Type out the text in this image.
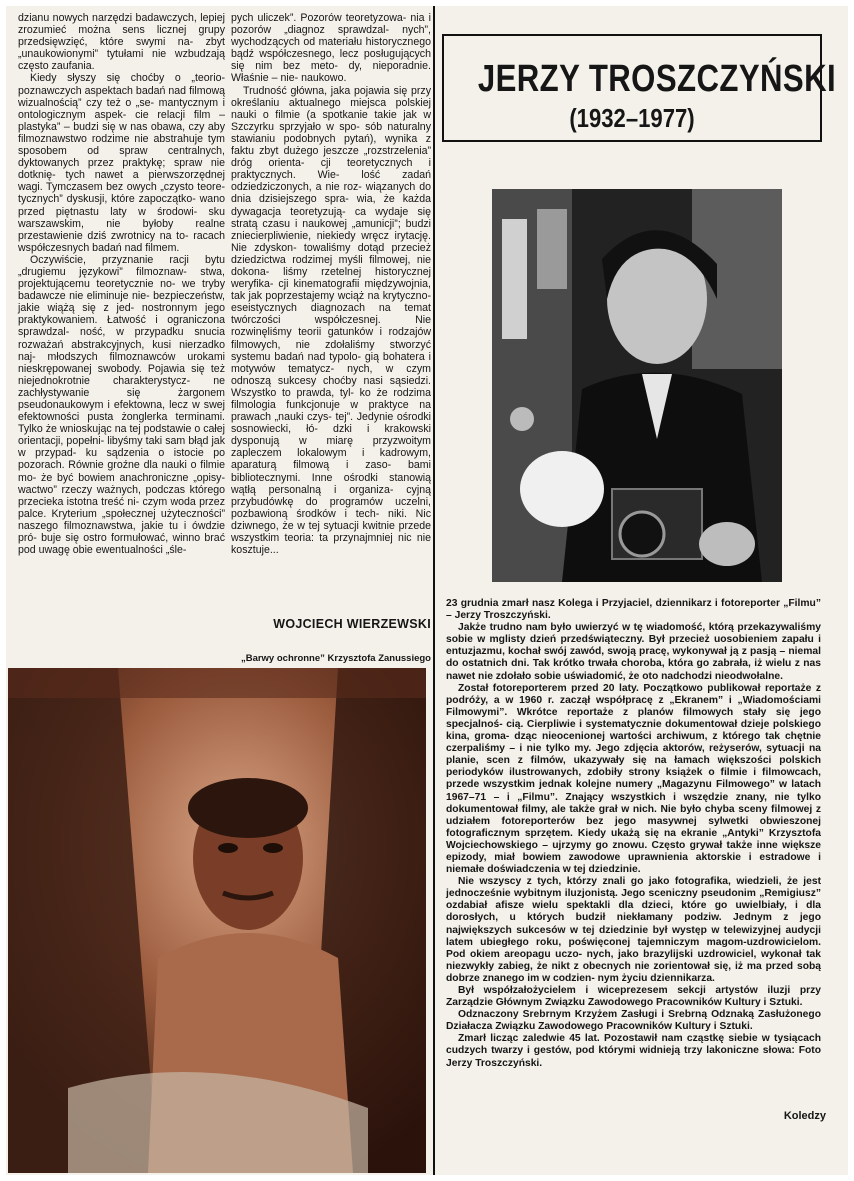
dzianu nowych narzędzi badawczych, lepiej zrozumieć można sens licznej grupy przedsięwzięć, które swymi na- zbyt „unaukowionymi” tytułami nie wzbudzają często zaufania.

Kiedy słyszy się choćby o „teorio- poznawczych aspektach badań nad filmową wizualnością” czy też o „se- mantycznym i ontologicznym aspek- cie relacji film – plastyka” – budzi się w nas obawa, czy aby filmoznawstwo rodzime nie abstrahuje tym sposobem od spraw centralnych, dyktowanych przez praktykę; spraw nie dotknię- tych nawet a pierwszorzędnej wagi. Tymczasem bez owych „czysto teore- tycznych” dyskusji, które zapoczątko- wano przed piętnastu laty w środowi- sku warszawskim, nie byłoby realne przestawienie dziś zwrotnicy na to- racach współczesnych badań nad filmem.

Oczywiście, przyznanie racji bytu „drugiemu językowi” filmoznaw- stwa, projektującemu teoretycznie no- we tryby badawcze nie eliminuje nie- bezpieczeństw, jakie wiążą się z jed- nostronnym jego praktykowaniem. Łatwość i ograniczona sprawdzal- ność, w przypadku snucia rozważań abstrakcyjnych, kusi nierzadko naj- młodszych filmoznawców urokami nieskrępowanej swobody. Pojawia się też niejednokrotnie charakterystycz- ne zachłystywanie się żargonem pseudonaukowym i efektowna, lecz w swej efektowności pusta żonglerka terminami. Tylko że wnioskując na tej podstawie o całej orientacji, popełni- libyśmy taki sam błąd jak w przypad- ku sądzenia o istocie po pozorach. Równie groźne dla nauki o filmie mo- że być bowiem anachroniczne „opisy- wactwo” rzeczy ważnych, podczas którego przecieka istotna treść ni- czym woda przez palce. Kryterium „społecznej użyteczności” naszego filmoznawstwa, jakie tu i ówdzie pró- buje się ostro formułować, winno brać pod uwagę obie ewentualności „śle-

pych uliczek”. Pozorów teoretyzowa- nia i pozorów „diagnoz sprawdzal- nych”, wychodzących od materiału historycznego bądź współczesnego, lecz posługujących się nim bez meto- dy, nieporadnie. Właśnie – nie- naukowo.

Trudność główna, jaka pojawia się przy określaniu aktualnego miejsca polskiej nauki o filmie (a spotkanie takie jak w Szczyrku sprzyjało w spo- sób naturalny stawianiu podobnych pytań), wynika z faktu zbyt dużego jeszcze „rozstrzelenia” dróg orienta- cji teoretycznych i praktycznych. Wie- lość zadań odziedziczonych, a nie roz- wiązanych do dnia dzisiejszego spra- wia, że każda dywagacja teoretyzują- ca wydaje się stratą czasu i naukowej „amunicji”; budzi zniecierpliwienie, niekiedy wręcz irytację. Nie zdyskon- towaliśmy dotąd przecież dziedzictwa rodzimej myśli filmowej, nie dokona- liśmy rzetelnej historycznej weryfika- cji kinematografii międzywojnia, tak jak poprzestajemy wciąż na krytyczno-eseistycznych diagnozach na temat twórczości współczesnej. Nie rozwinęliśmy teorii gatunków i rodzajów filmowych, nie zdołaliśmy stworzyć systemu badań nad typolo- gią bohatera i motywów tematycz- nych, w czym odnoszą sukcesy choćby nasi sąsiedzi. Wszystko to prawda, tyl- ko że rodzima filmologia funkcjonuje w praktyce na prawach „nauki czys- tej”. Jedynie ośrodki sosnowiecki, łó- dzki i krakowski dysponują w miarę przyzwoitym zapleczem lokalowym i kadrowym, aparaturą filmową i zaso- bami bibliotecznymi. Inne ośrodki stanowią wątłą personalną i organiza- cyjną przybudówkę do programów uczelni, pozbawioną środków i tech- niki. Nic dziwnego, że w tej sytuacji kwitnie przede wszystkim teoria: ta przynajmniej nic nie kosztuje...

WOJCIECH WIERZEWSKI
„Barwy ochronne” Krzysztofa Zanussiego
JERZY TROSZCZYŃSKI
(1932–1977)

23 grudnia zmarł nasz Kolega i Przyjaciel, dziennikarz i fotoreporter „Filmu” – Jerzy Troszczyński.

Jakże trudno nam było uwierzyć w tę wiadomość, którą przekazywaliśmy sobie w mglisty dzień przedświąteczny. Był przecież uosobieniem zapału i entuzjazmu, kochał swój zawód, swoją pracę, wykonywał ją z pasją – niemal do ostatnich dni. Tak krótko trwała choroba, która go zabrała, iż wielu z nas nawet nie zdołało sobie uświadomić, że oto nadchodzi nieodwołalne.

Został fotoreporterem przed 20 laty. Początkowo publikował reportaże z podróży, a w 1960 r. zaczął współpracę z „Ekranem” i „Wiadomościami Filmowymi”. Wkrótce reportaże z planów filmowych stały się jego specjalnoś- cią. Cierpliwie i systematycznie dokumentował dzieje polskiego kina, groma- dząc nieocenionej wartości archiwum, z którego tak chętnie czerpaliśmy – i nie tylko my. Jego zdjęcia aktorów, reżyserów, sytuacji na planie, scen z filmów, ukazywały się na łamach większości polskich periodyków ilustrowanych, zdobiły strony książek o filmie i filmowcach, przede wszystkim jednak kolejne numery „Magazynu Filmowego” w latach 1967–71 – i „Filmu”. Znający wszystkich i wszędzie znany, nie tylko dokumentował filmy, ale także grał w nich. Nie było chyba sceny filmowej z udziałem fotoreporterów bez jego masywnej sylwetki obwieszonej fotograficznym sprzętem. Kiedy ukażą się na ekranie „Antyki” Krzysztofa Wojciechowskiego – ujrzymy go znowu. Często grywał także inne większe epizody, miał bowiem zawodowe uprawnienia aktorskie i estradowe i niemałe doświadczenia w tej dziedzinie.

Nie wszyscy z tych, którzy znali go jako fotografika, wiedzieli, że jest jednocześnie wybitnym iluzjonistą. Jego sceniczny pseudonim „Remigiusz” ozdabiał afisze wielu spektakli dla dzieci, które go uwielbiały, i dla dorosłych, u których budził niekłamany podziw. Jednym z jego największych sukcesów w tej dziedzinie był występ w telewizyjnej audycji latem ubiegłego roku, poświęconej tajemniczym magom-uzdrowicielom. Pod okiem areopagu uczo- nych, jako brazylijski uzdrowiciel, wykonał tak niezwykły zabieg, że nikt z obecnych nie zorientował się, iż ma przed sobą dobrze znanego im w codzien- nym życiu dziennikarza.

Był współzałożycielem i wiceprezesem sekcji artystów iluzji przy Zarządzie Głównym Związku Zawodowego Pracowników Kultury i Sztuki.

Odznaczony Srebrnym Krzyżem Zasługi i Srebrną Odznaką Zasłużonego Działacza Związku Zawodowego Pracowników Kultury i Sztuki.

Zmarł licząc zaledwie 45 lat. Pozostawił nam cząstkę siebie w tysiącach cudzych twarzy i gestów, pod którymi widnieją trzy lakoniczne słowa: Foto Jerzy Troszczyński.

Koledzy
